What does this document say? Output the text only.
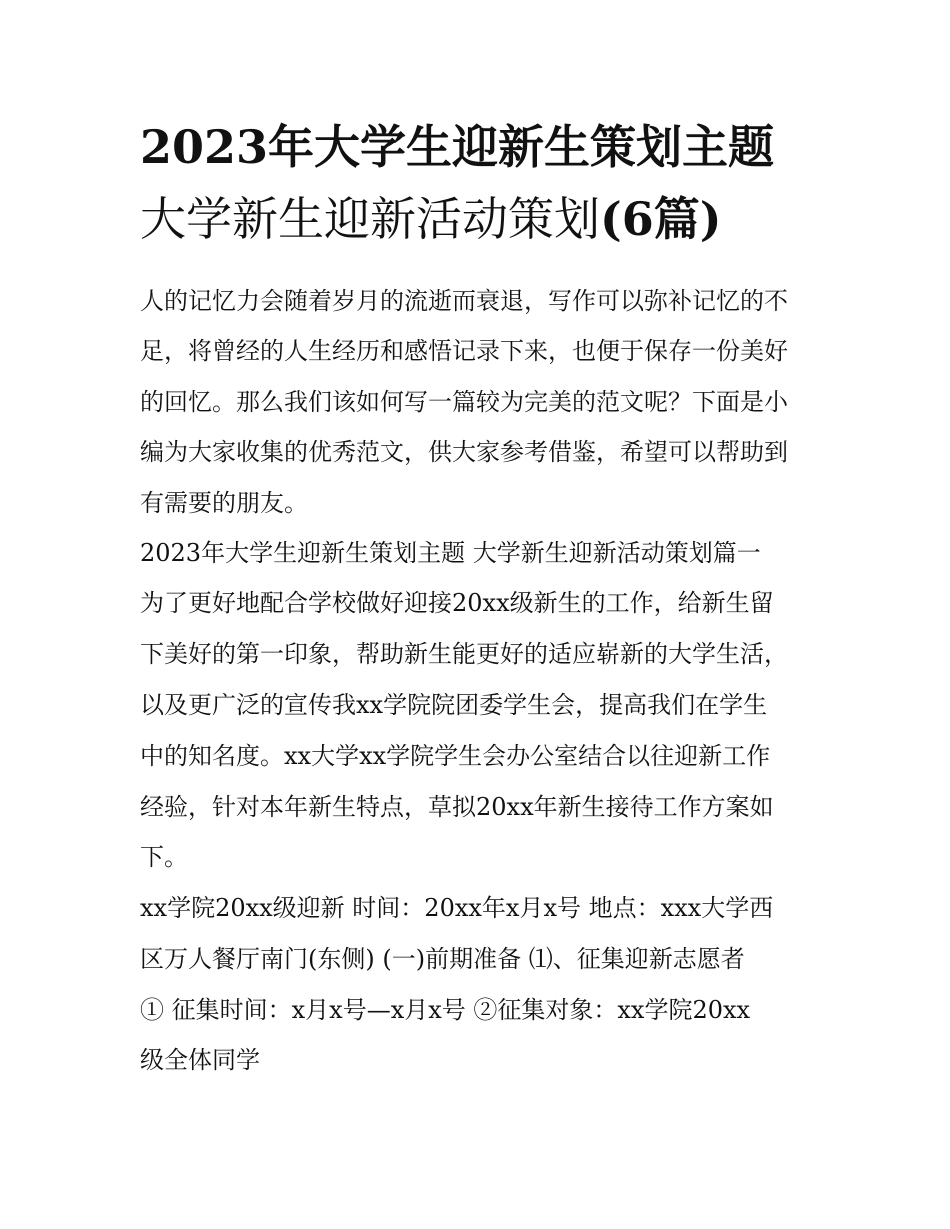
2023年大学生迎新生策划主题
大学新生迎新活动策划(6篇)
人的记忆力会随着岁月的流逝而衰退，写作可以弥补记忆的不
足，将曾经的人生经历和感悟记录下来，也便于保存一份美好
的回忆。那么我们该如何写一篇较为完美的范文呢？下面是小
编为大家收集的优秀范文，供大家参考借鉴，希望可以帮助到
有需要的朋友。
2023年大学生迎新生策划主题 大学新生迎新活动策划篇一
为了更好地配合学校做好迎接20xx级新生的工作，给新生留
下美好的第一印象，帮助新生能更好的适应崭新的大学生活，
以及更广泛的宣传我xx学院院团委学生会，提高我们在学生
中的知名度。xx大学xx学院学生会办公室结合以往迎新工作
经验，针对本年新生特点，草拟20xx年新生接待工作方案如
下。
xx学院20xx级迎新 时间：20xx年x月x号 地点：xxx大学西
区万人餐厅南门(东侧) (一)前期准备 ⑴、征集迎新志愿者
① 征集时间：x月x号—x月x号 ②征集对象：xx学院20xx
级全体同学
